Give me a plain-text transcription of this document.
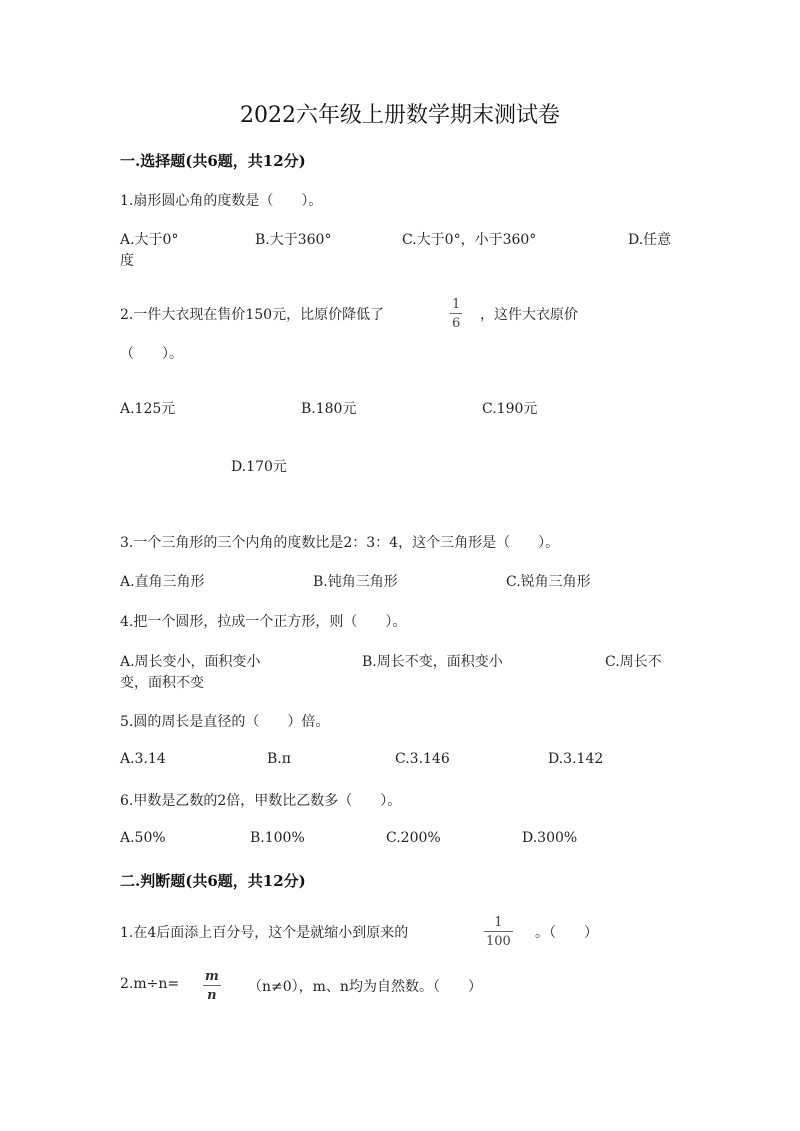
2022六年级上册数学期末测试卷
一.选择题(共6题，共12分)
1.扇形圆心角的度数是（　　）。
A.大于0°	B.大于360°	C.大于0°，小于360°	D.任意
度
2.一件大衣现在售价150元，比原价降低了
1
6
，这件大衣原价
（　　）。
A.125元	B.180元	C.190元
D.170元
3.一个三角形的三个内角的度数比是2：3：4，这个三角形是（　　）。
A.直角三角形	B.钝角三角形	C.锐角三角形
4.把一个圆形，拉成一个正方形，则（　　）。
A.周长变小，面积变小	B.周长不变，面积变小	C.周长不
变，面积不变
5.圆的周长是直径的（　　）倍。
A.3.14	B.π	C.3.146	D.3.142
6.甲数是乙数的2倍，甲数比乙数多（　　）。
A.50%	B.100%	C.200%	D.300%
二.判断题(共6题，共12分)
1.在4后面添上百分号，这个是就缩小到原来的
1
100
。（　　）
2.m÷n= m
n
（n≠0），m、n均为自然数。（　　）
